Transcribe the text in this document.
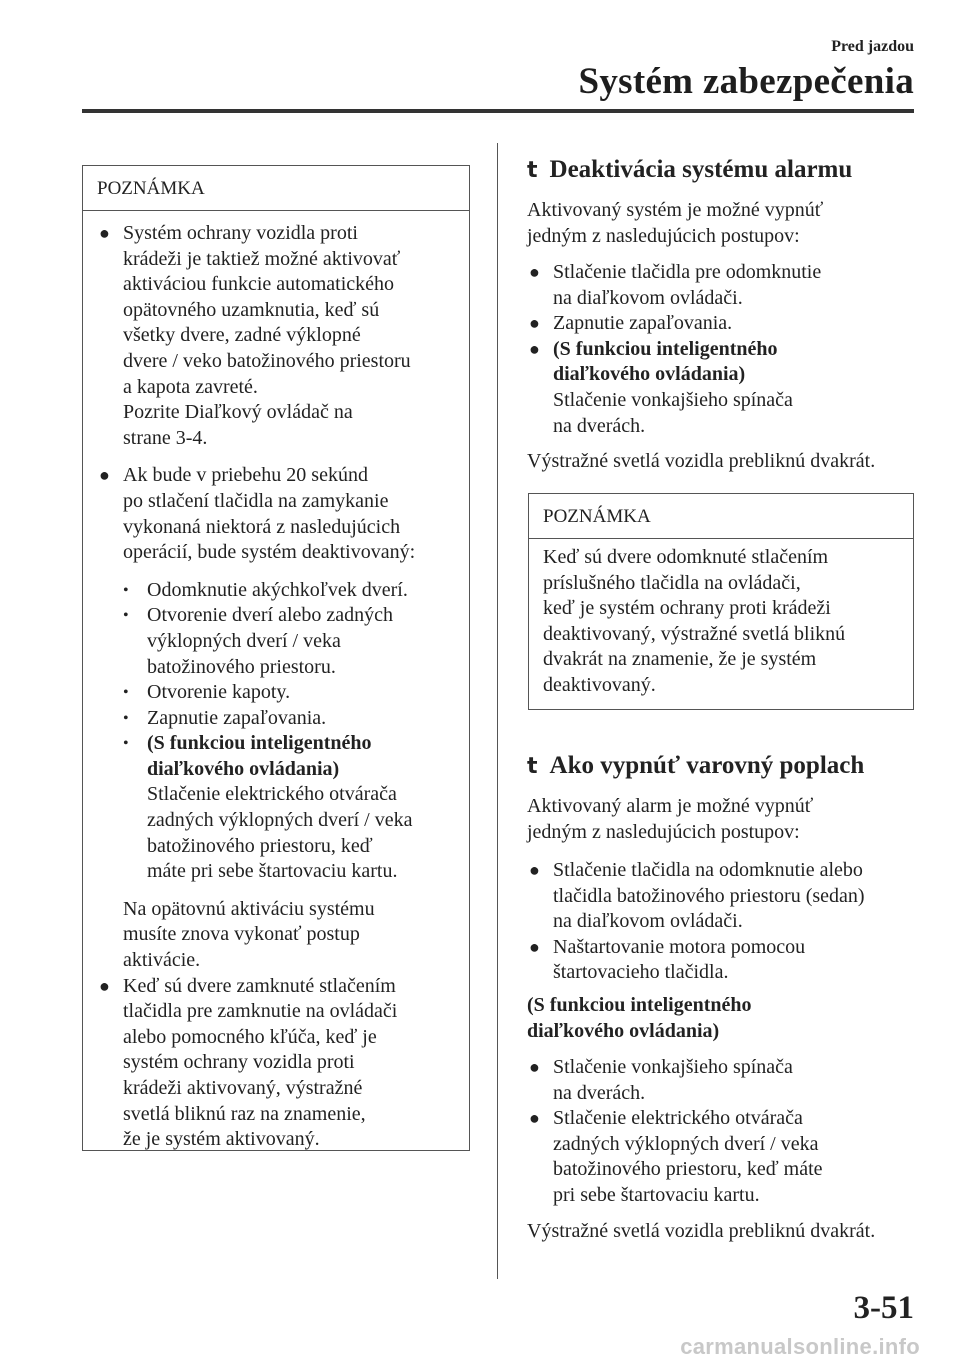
Pred jazdou
Systém zabezpečenia
POZNÁMKA
● Systém ochrany vozidla proti
krádeži je taktiež možné aktivovať
aktiváciou funkcie automatického
opätovného uzamknutia, keď sú
všetky dvere, zadné výklopné
dvere / veko batožinového priestoru
a kapota zavreté.
Pozrite Diaľkový ovládač na
strane 3-4.
● Ak bude v priebehu 20 sekúnd
po stlačení tlačidla na zamykanie
vykonaná niektorá z nasledujúcich
operácií, bude systém deaktivovaný:
• Odomknutie akýchkoľvek dverí.
• Otvorenie dverí alebo zadných
výklopných dverí / veka
batožinového priestoru.
• Otvorenie kapoty.
• Zapnutie zapaľovania.
• (S funkciou inteligentného
diaľkového ovládania)
Stlačenie elektrického otvárača
zadných výklopných dverí / veka
batožinového priestoru, keď
máte pri sebe štartovaciu kartu.
Na opätovnú aktiváciu systému
musíte znova vykonať postup
aktivácie.
● Keď sú dvere zamknuté stlačením
tlačidla pre zamknutie na ovládači
alebo pomocného kľúča, keď je
systém ochrany vozidla proti
krádeži aktivovaný, výstražné
svetlá bliknú raz na znamenie,
že je systém aktivovaný.
t Deaktivácia systému alarmu
Aktivovaný systém je možné vypnúť
jedným z nasledujúcich postupov:
● Stlačenie tlačidla pre odomknutie
na diaľkovom ovládači.
● Zapnutie zapaľovania.
● (S funkciou inteligentného
diaľkového ovládania)
Stlačenie vonkajšieho spínača
na dverách.
Výstražné svetlá vozidla prebliknú dvakrát.
POZNÁMKA
Keď sú dvere odomknuté stlačením
príslušného tlačidla na ovládači,
keď je systém ochrany proti krádeži
deaktivovaný, výstražné svetlá bliknú
dvakrát na znamenie, že je systém
deaktivovaný.
t Ako vypnúť varovný poplach
Aktivovaný alarm je možné vypnúť
jedným z nasledujúcich postupov:
● Stlačenie tlačidla na odomknutie alebo
tlačidla batožinového priestoru (sedan)
na diaľkovom ovládači.
● Naštartovanie motora pomocou
štartovacieho tlačidla.
(S funkciou inteligentného
diaľkového ovládania)
● Stlačenie vonkajšieho spínača
na dverách.
● Stlačenie elektrického otvárača
zadných výklopných dverí / veka
batožinového priestoru, keď máte
pri sebe štartovaciu kartu.
Výstražné svetlá vozidla prebliknú dvakrát.
3-51
carmanualsonline.info
